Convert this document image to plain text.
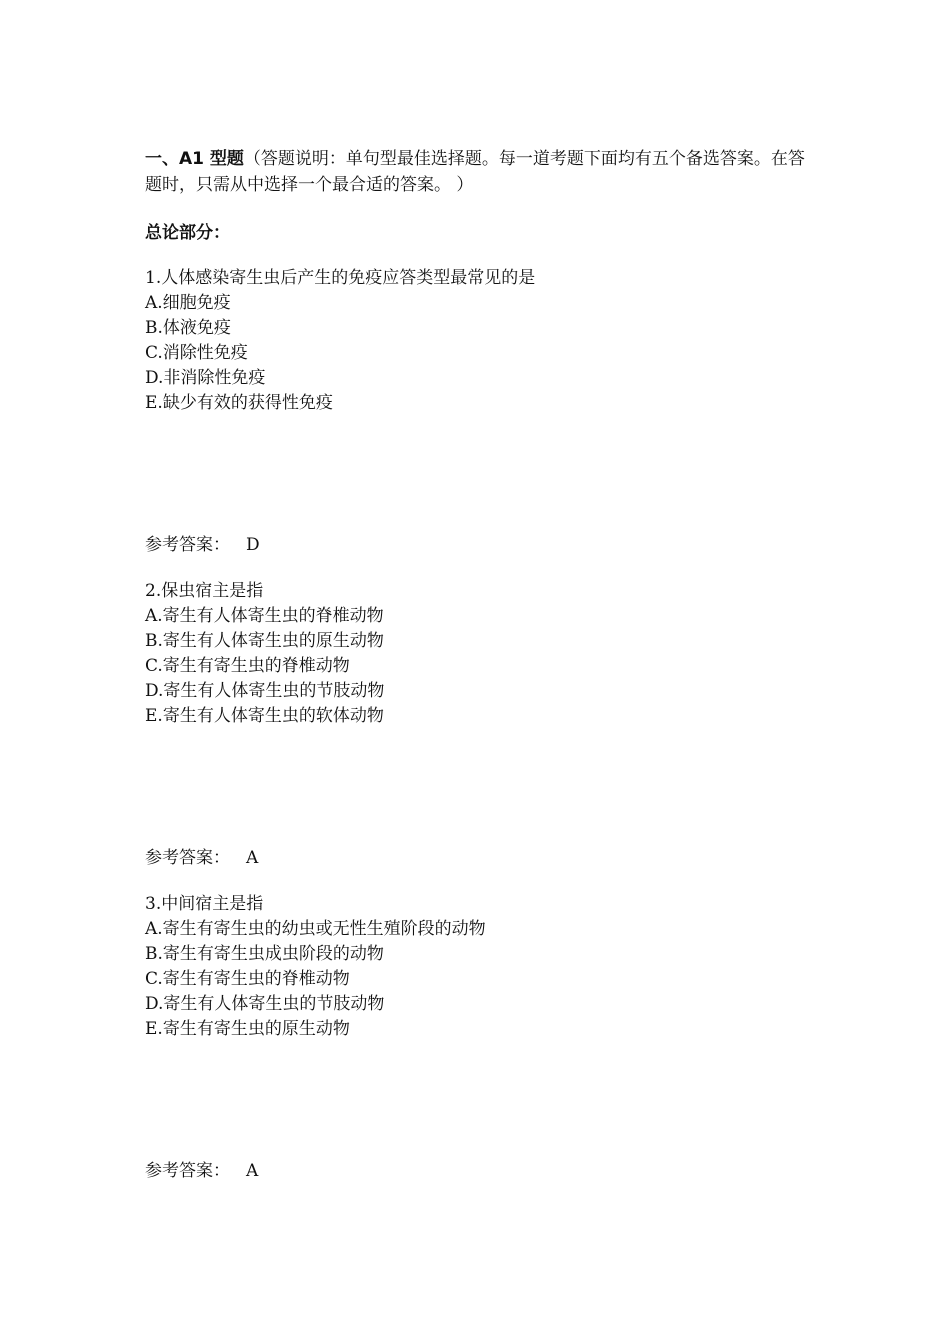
一、A1 型题（答题说明：单句型最佳选择题。每一道考题下面均有五个备选答案。在答题时，只需从中选择一个最合适的答案。 ）
总论部分：
1.人体感染寄生虫后产生的免疫应答类型最常见的是
A.细胞免疫
B.体液免疫
C.消除性免疫
D.非消除性免疫
E.缺少有效的获得性免疫
参考答案： D
2.保虫宿主是指
A.寄生有人体寄生虫的脊椎动物
B.寄生有人体寄生虫的原生动物
C.寄生有寄生虫的脊椎动物
D.寄生有人体寄生虫的节肢动物
E.寄生有人体寄生虫的软体动物
参考答案： A
3.中间宿主是指
A.寄生有寄生虫的幼虫或无性生殖阶段的动物
B.寄生有寄生虫成虫阶段的动物
C.寄生有寄生虫的脊椎动物
D.寄生有人体寄生虫的节肢动物
E.寄生有寄生虫的原生动物
参考答案： A
